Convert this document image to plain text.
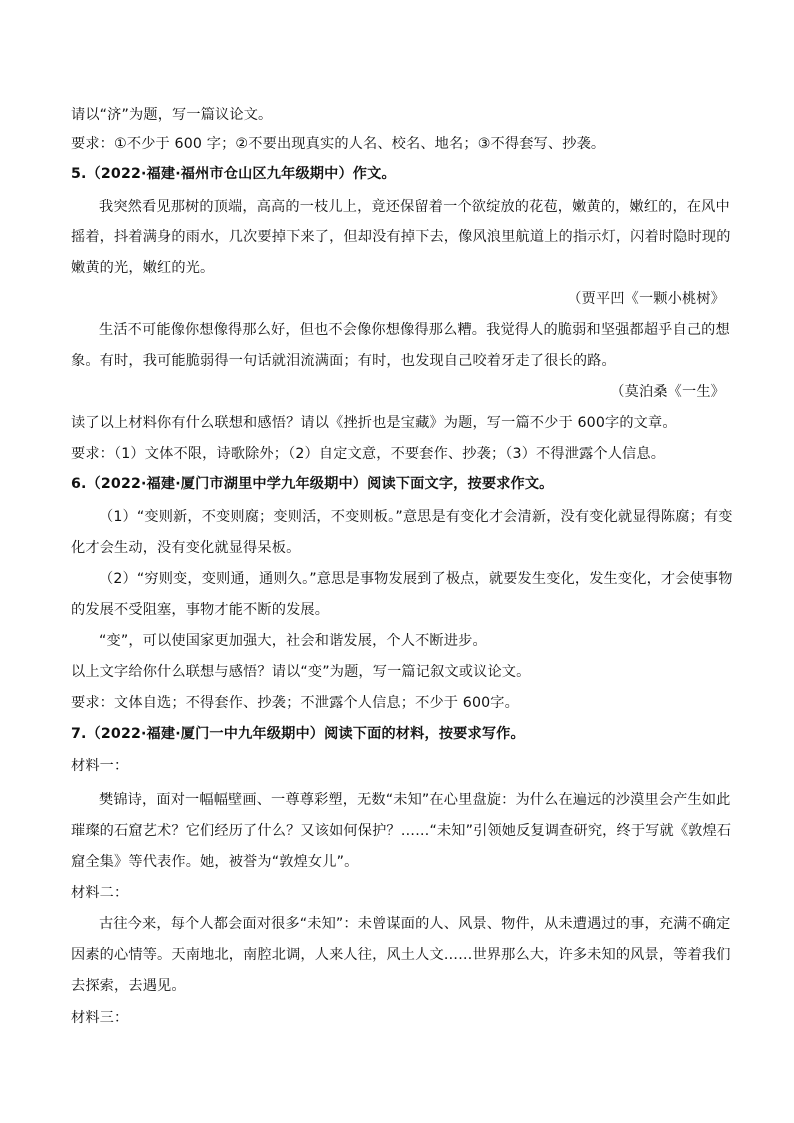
请以“济”为题，写一篇议论文。
要求：①不少于 600 字；②不要出现真实的人名、校名、地名；③不得套写、抄袭。
5.（2022·福建·福州市仓山区九年级期中）作文。
我突然看见那树的顶端，高高的一枝儿上，竟还保留着一个欲绽放的花苞，嫩黄的，嫩红的，在风中
摇着，抖着满身的雨水，几次要掉下来了，但却没有掉下去，像风浪里航道上的指示灯，闪着时隐时现的
嫩黄的光，嫩红的光。
（贾平凹《一颗小桃树》
生活不可能像你想像得那么好，但也不会像你想像得那么糟。我觉得人的脆弱和坚强都超乎自己的想
象。有时，我可能脆弱得一句话就泪流满面；有时，也发现自己咬着牙走了很长的路。
（莫泊桑《一生》
读了以上材料你有什么联想和感悟？请以《挫折也是宝藏》为题，写一篇不少于 600字的文章。
要求：（1）文体不限，诗歌除外；（2）自定文意，不要套作、抄袭；（3）不得泄露个人信息。
6.（2022·福建·厦门市湖里中学九年级期中）阅读下面文字，按要求作文。
（1）“变则新，不变则腐；变则活，不变则板。”意思是有变化才会清新，没有变化就显得陈腐；有变
化才会生动，没有变化就显得呆板。
（2）“穷则变，变则通，通则久。”意思是事物发展到了极点，就要发生变化，发生变化，才会使事物
的发展不受阻塞，事物才能不断的发展。
“变”，可以使国家更加强大，社会和谐发展，个人不断进步。
以上文字给你什么联想与感悟？请以“变”为题，写一篇记叙文或议论文。
要求：文体自选；不得套作、抄袭；不泄露个人信息；不少于 600字。
7.（2022·福建·厦门一中九年级期中）阅读下面的材料，按要求写作。
材料一：
樊锦诗，面对一幅幅壁画、一尊尊彩塑，无数“未知”在心里盘旋：为什么在遍远的沙漠里会产生如此
璀璨的石窟艺术？它们经历了什么？又该如何保护？……“未知”引领她反复调查研究，终于写就《敦煌石
窟全集》等代表作。她，被誉为“敦煌女儿”。
材料二：
古往今来，每个人都会面对很多“未知”：未曾谋面的人、风景、物件，从未遭遇过的事，充满不确定
因素的心情等。天南地北，南腔北调，人来人往，风土人文……世界那么大，许多未知的风景，等着我们
去探索，去遇见。
材料三：
